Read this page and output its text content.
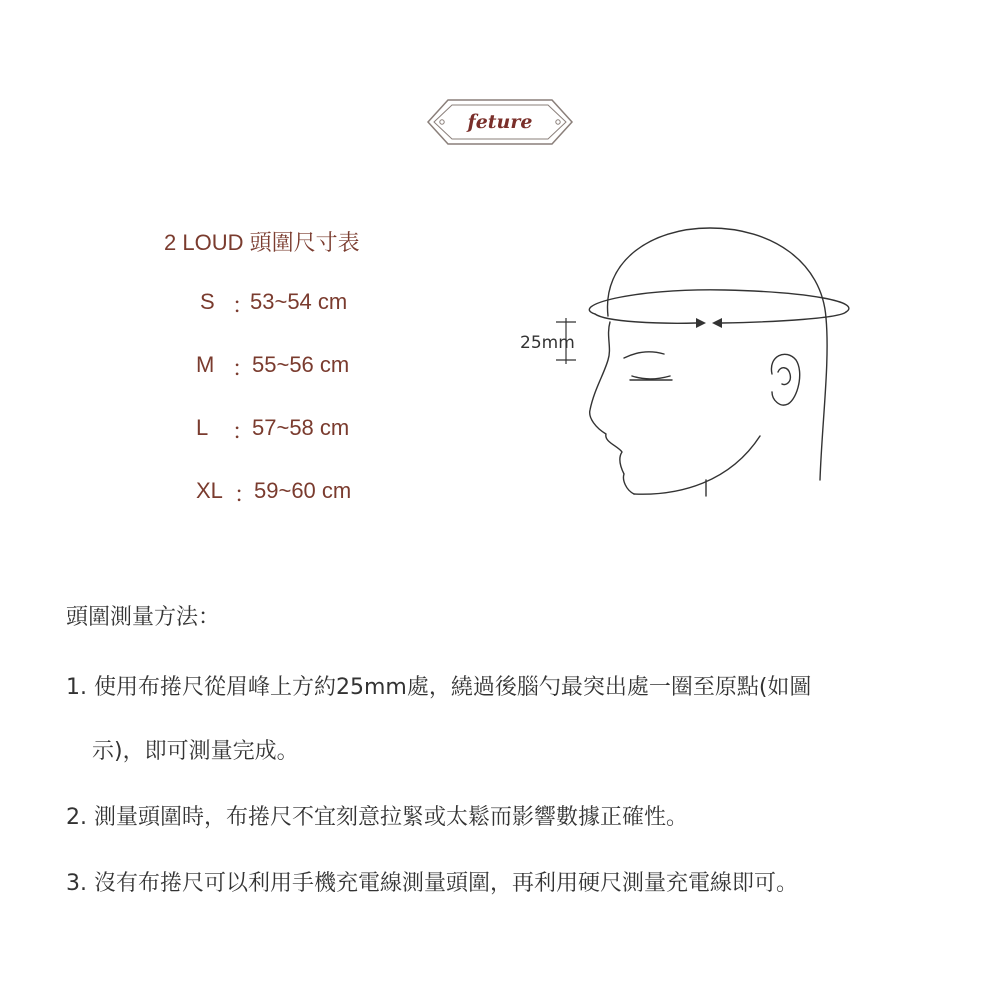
feture
2 LOUD 頭圍尺寸表
S ：
53~54 cm
M ：
55~56 cm
L ：
57~58 cm
XL ：
59~60 cm
25mm
頭圍測量方法：
1. 使用布捲尺從眉峰上方約25mm處，繞過後腦勺最突出處一圈至原點(如圖
示)，即可測量完成。
2. 測量頭圍時，布捲尺不宜刻意拉緊或太鬆而影響數據正確性。
3. 沒有布捲尺可以利用手機充電線測量頭圍，再利用硬尺測量充電線即可。
